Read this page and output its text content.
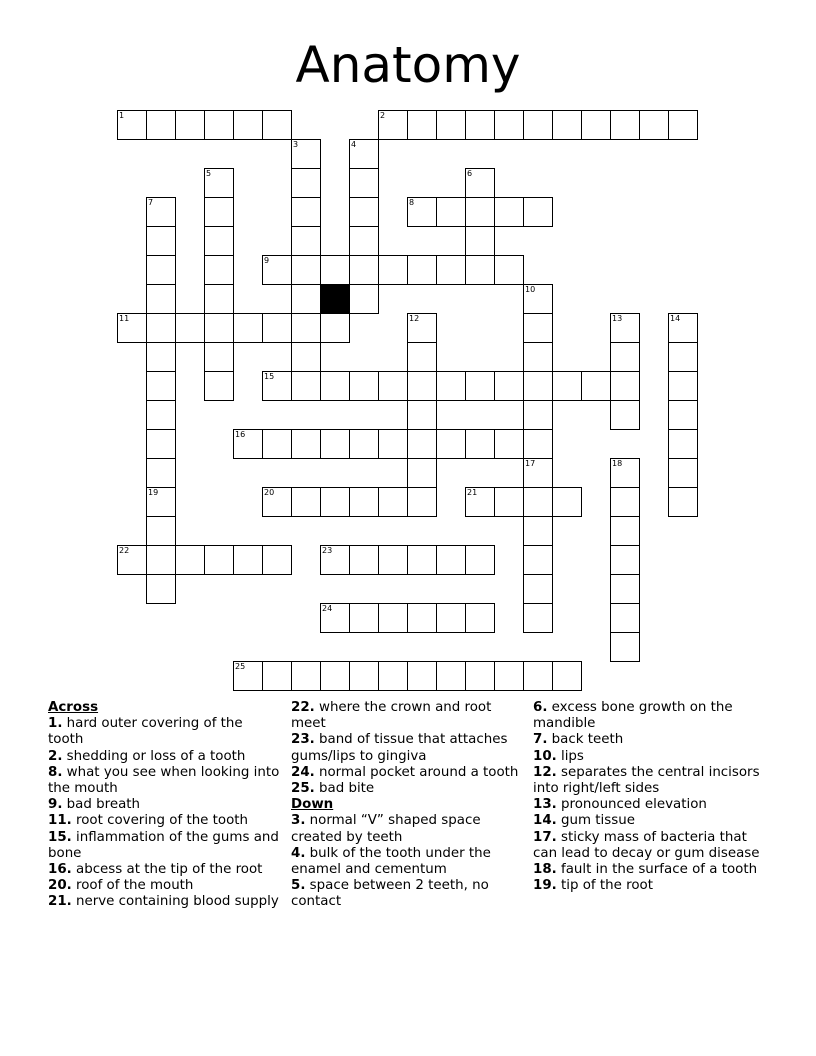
Anatomy
1	2
3	4
5	6
7	8
9
10
11	12	13	14
15
16
17	18
19	20	21
22	23
24
25
Across
1. hard outer covering of the tooth
2. shedding or loss of a tooth
8. what you see when looking into the mouth
9. bad breath
11. root covering of the tooth
15. inflammation of the gums and bone
16. abcess at the tip of the root
20. roof of the mouth
21. nerve containing blood supply
22. where the crown and root meet
23. band of tissue that attaches gums/lips to gingiva
24. normal pocket around a tooth
25. bad bite
Down
3. normal “V” shaped space created by teeth
4. bulk of the tooth under the enamel and cementum
5. space between 2 teeth, no contact
6. excess bone growth on the mandible
7. back teeth
10. lips
12. separates the central incisors into right/left sides
13. pronounced elevation
14. gum tissue
17. sticky mass of bacteria that can lead to decay or gum disease
18. fault in the surface of a tooth
19. tip of the root
